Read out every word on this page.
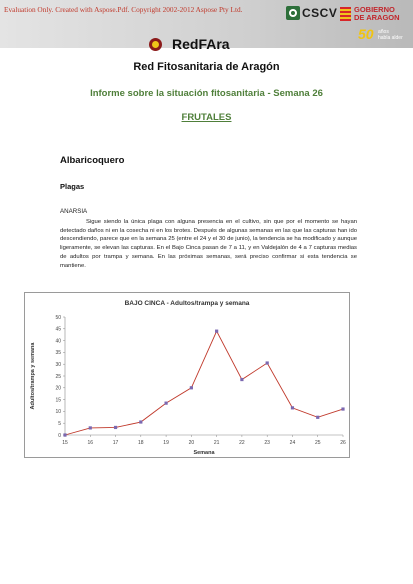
Evaluation Only. Created with Aspose.Pdf. Copyright 2002-2012 Aspose Pty Ltd.	CSCV GOBIERNO
DE ARAGON
50 años
habla alder
RedFAra
Red Fitosanitaria de Aragón
Informe sobre la situación fitosanitaria - Semana 26
FRUTALES
Albaricoquero
Plagas
ANARSIA
Sigue siendo la única plaga con alguna presencia en el cultivo, sin que por el momento se hayan detectado daños ni en la cosecha ni en los brotes. Después de algunas semanas en las que las capturas han ido descendiendo, parece que en la semana 25 (entre el 24 y el 30 de junio), la tendencia se ha modificado y aunque ligeramente, se elevan las capturas. En el Bajo Cinca pasan de 7 a 11, y en Valdejalón de 4 a 7 capturas medias de adultos por trampa y semana. En las próximas semanas, será preciso confirmar si esta tendencia se mantiene.
BAJO CINCA - Adultos/trampa y semana
0
5
10
15
20
25
30
35
40
45
50
15	16	17	18	19	20	21	22	23	24	25	26
Semana
Adultos/trampa y semana
